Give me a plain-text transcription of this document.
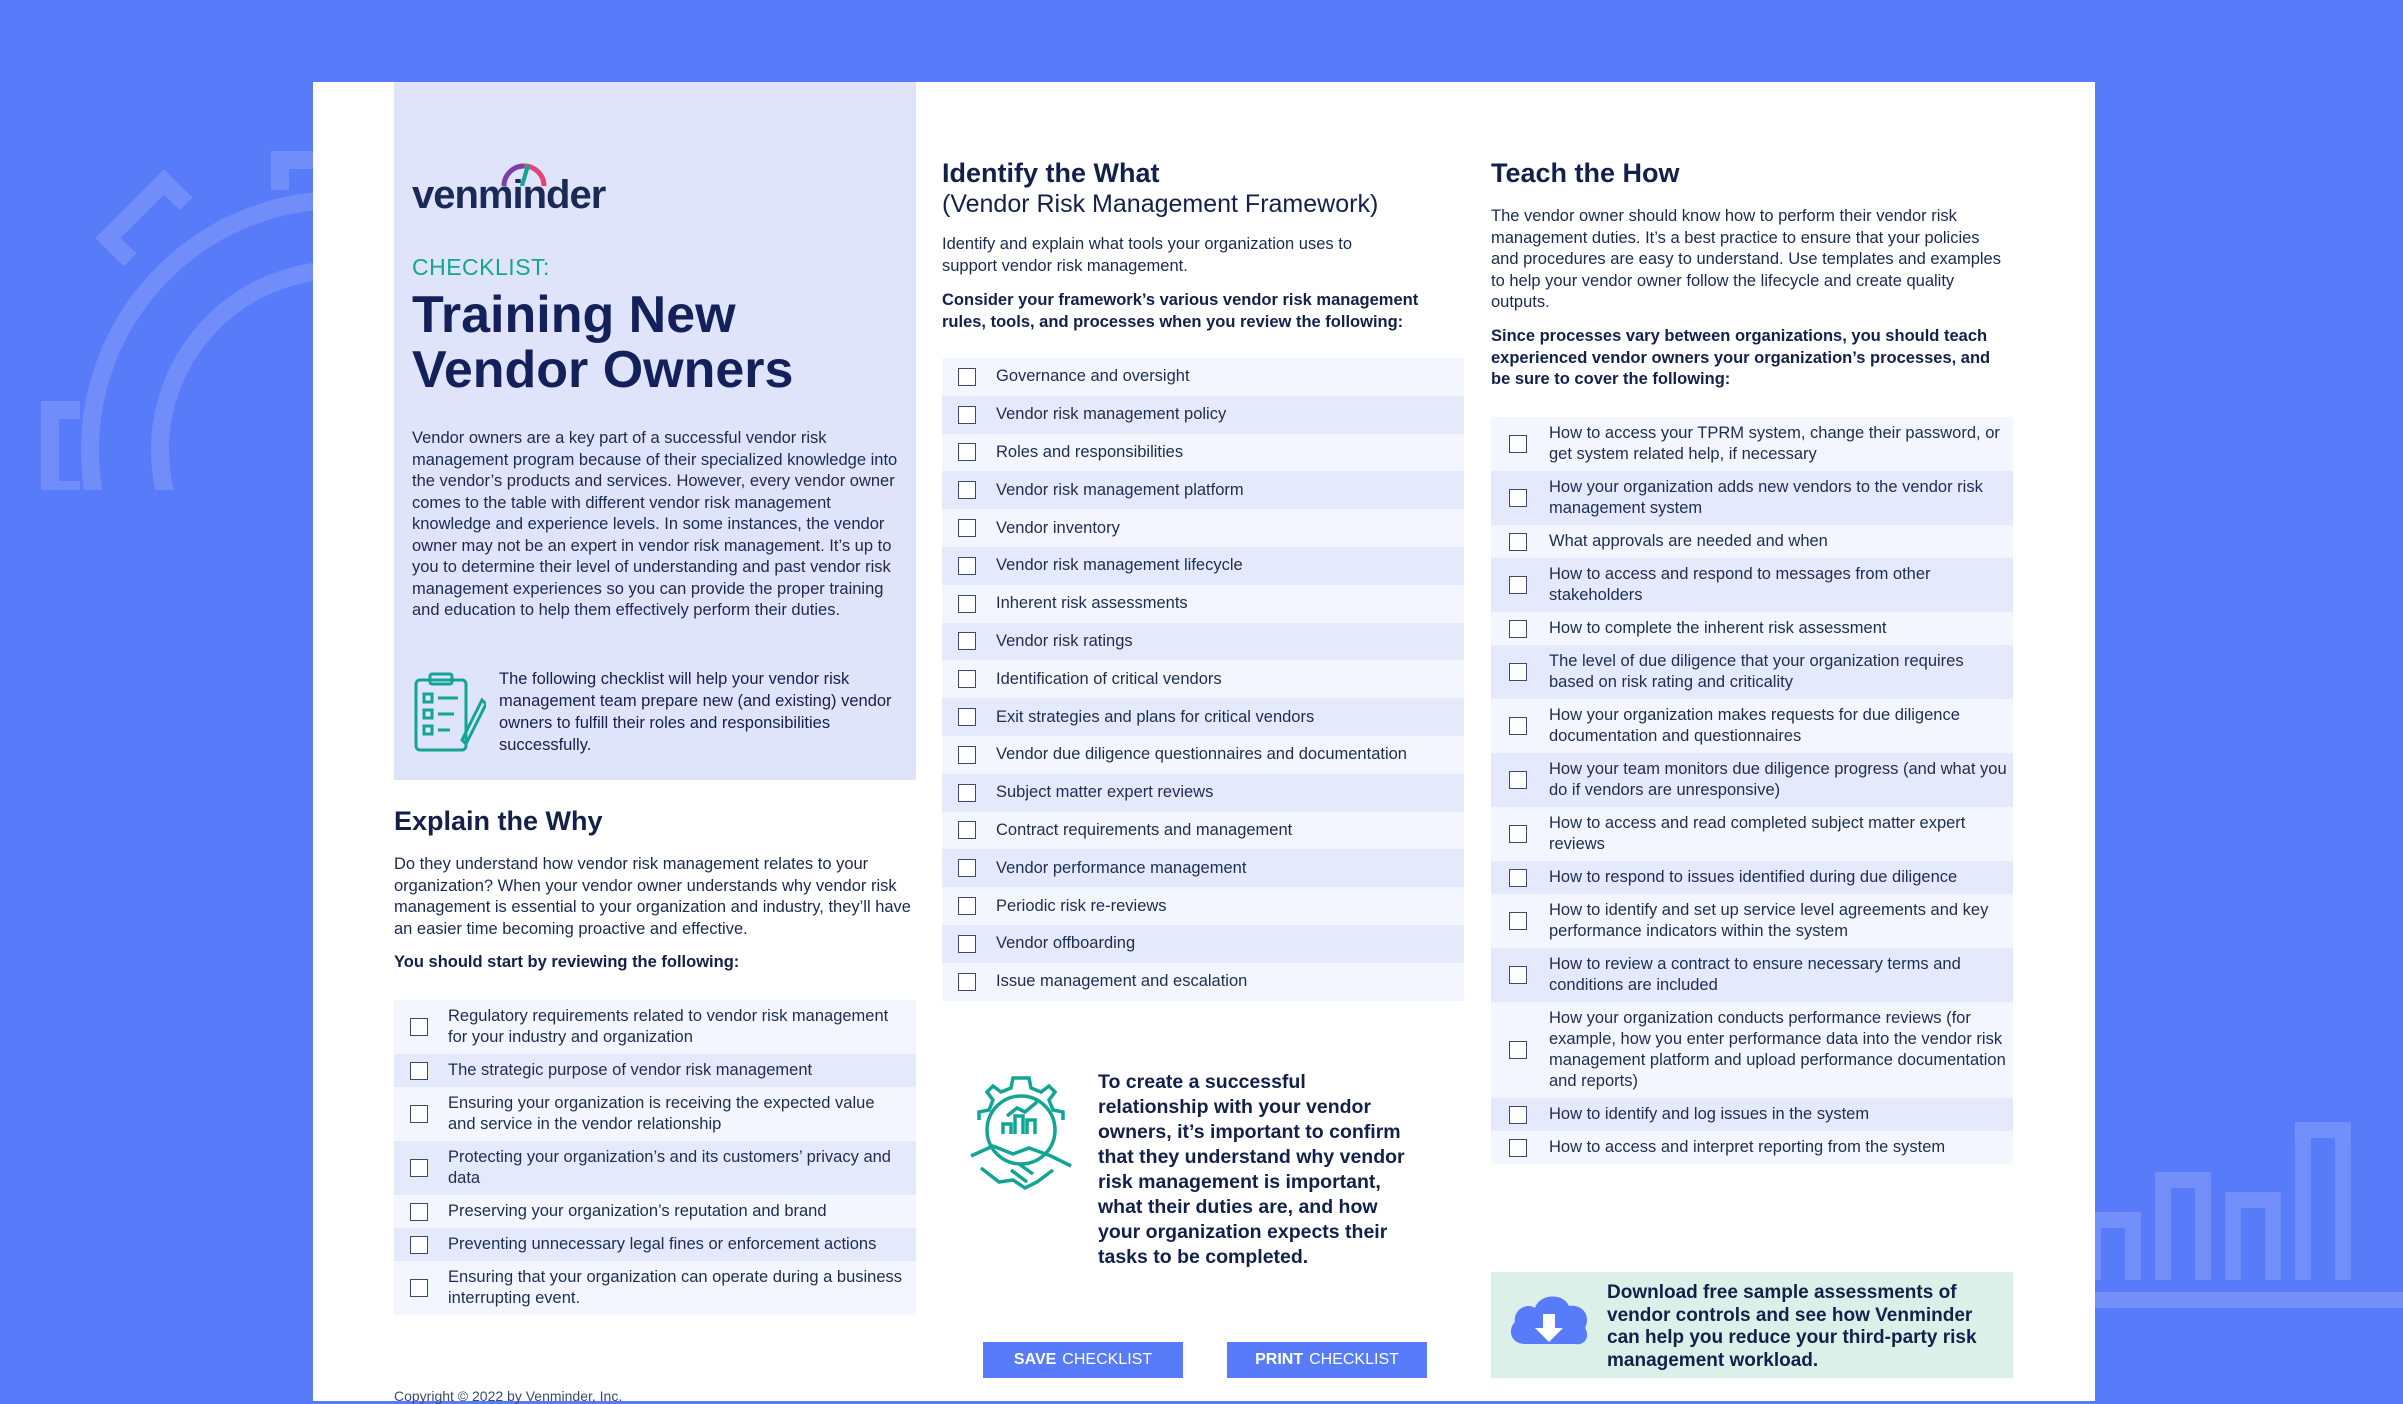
venminder
CHECKLIST:
Training New Vendor Owners
Vendor owners are a key part of a successful vendor risk management program because of their specialized knowledge into the vendor’s products and services. However, every vendor owner comes to the table with different vendor risk management knowledge and experience levels. In some instances, the vendor owner may not be an expert in vendor risk management. It’s up to you to determine their level of understanding and past vendor risk management experiences so you can provide the proper training and education to help them effectively perform their duties.
The following checklist will help your vendor risk management team prepare new (and existing) vendor owners to fulfill their roles and responsibilities successfully.
Explain the Why
Do they understand how vendor risk management relates to your organization? When your vendor owner understands why vendor risk management is essential to your organization and industry, they’ll have an easier time becoming proactive and effective.
You should start by reviewing the following:
Regulatory requirements related to vendor risk management for your industry and organization
The strategic purpose of vendor risk management
Ensuring your organization is receiving the expected value and service in the vendor relationship
Protecting your organization’s and its customers’ privacy and data
Preserving your organization’s reputation and brand
Preventing unnecessary legal fines or enforcement actions
Ensuring that your organization can operate during a business interrupting event.
Identify the What
(Vendor Risk Management Framework)
Identify and explain what tools your organization uses to support vendor risk management.
Consider your framework’s various vendor risk management rules, tools, and processes when you review the following:
Governance and oversight
Vendor risk management policy
Roles and responsibilities
Vendor risk management platform
Vendor inventory
Vendor risk management lifecycle
Inherent risk assessments
Vendor risk ratings
Identification of critical vendors
Exit strategies and plans for critical vendors
Vendor due diligence questionnaires and documentation
Subject matter expert reviews
Contract requirements and management
Vendor performance management
Periodic risk re-reviews
Vendor offboarding
Issue management and escalation
To create a successful relationship with your vendor owners, it’s important to confirm that they understand why vendor risk management is important, what their duties are, and how your organization expects their tasks to be completed.
SAVE CHECKLIST	PRINT CHECKLIST
Teach the How
The vendor owner should know how to perform their vendor risk management duties. It’s a best practice to ensure that your policies and procedures are easy to understand. Use templates and examples to help your vendor owner follow the lifecycle and create quality outputs.
Since processes vary between organizations, you should teach experienced vendor owners your organization’s processes, and be sure to cover the following:
How to access your TPRM system, change their password, or get system related help, if necessary
How your organization adds new vendors to the vendor risk management system
What approvals are needed and when
How to access and respond to messages from other stakeholders
How to complete the inherent risk assessment
The level of due diligence that your organization requires based on risk rating and criticality
How your organization makes requests for due diligence documentation and questionnaires
How your team monitors due diligence progress (and what you do if vendors are unresponsive)
How to access and read completed subject matter expert reviews
How to respond to issues identified during due diligence
How to identify and set up service level agreements and key performance indicators within the system
How to review a contract to ensure necessary terms and conditions are included
How your organization conducts performance reviews (for example, how you enter performance data into the vendor risk management platform and upload performance documentation and reports)
How to identify and log issues in the system
How to access and interpret reporting from the system
Download free sample assessments of vendor controls and see how Venminder can help you reduce your third-party risk management workload.
Copyright © 2022 by Venminder, Inc.
